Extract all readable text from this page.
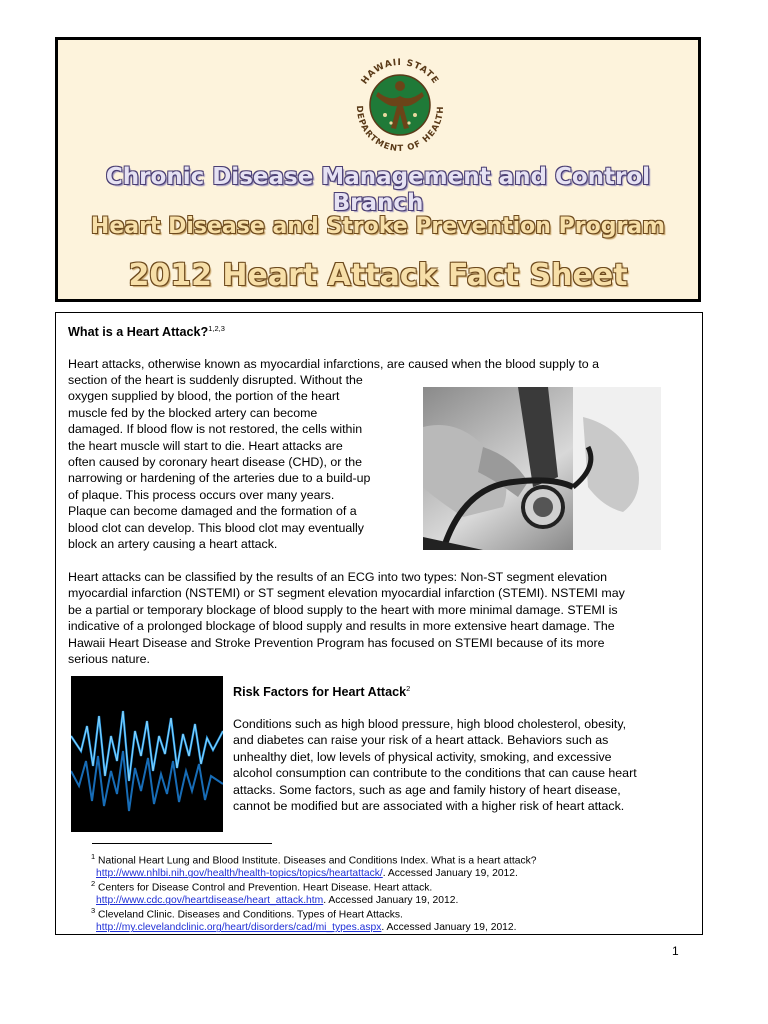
HAWAII STATE
DEPARTMENT OF HEALTH
Chronic Disease Management and Control Branch
Heart Disease and Stroke Prevention Program
2012 Heart Attack Fact Sheet

What is a Heart Attack?$^{1,2,3}$

Heart attacks, otherwise known as myocardial infarctions, are caused when the blood supply to a

section of the heart is suddenly disrupted. Without the
oxygen supplied by blood, the portion of the heart
muscle fed by the blocked artery can become
damaged. If blood flow is not restored, the cells within
the heart muscle will start to die. Heart attacks are
often caused by coronary heart disease (CHD), or the
narrowing or hardening of the arteries due to a build-up
of plaque. This process occurs over many years.
Plaque can become damaged and the formation of a
blood clot can develop. This blood clot may eventually
block an artery causing a heart attack.
Heart attacks can be classified by the results of an ECG into two types: Non-ST segment elevation
myocardial infarction (NSTEMI) or ST segment elevation myocardial infarction (STEMI). NSTEMI may
be a partial or temporary blockage of blood supply to the heart with more minimal damage. STEMI is
indicative of a prolonged blockage of blood supply and results in more extensive heart damage. The
Hawaii Heart Disease and Stroke Prevention Program has focused on STEMI because of its more
serious nature.

Risk Factors for Heart Attack$^2$

Conditions such as high blood pressure, high blood cholesterol, obesity,
and diabetes can raise your risk of a heart attack. Behaviors such as
unhealthy diet, low levels of physical activity, smoking, and excessive
alcohol consumption can contribute to the conditions that can cause heart
attacks. Some factors, such as age and family history of heart disease,
cannot be modified but are associated with a higher risk of heart attack.
$^1$ National Heart Lung and Blood Institute. Diseases and Conditions Index. What is a heart attack?
http://www.nhlbi.nih.gov/health/health-topics/topics/heartattack/. Accessed January 19, 2012.
$^2$ Centers for Disease Control and Prevention. Heart Disease. Heart attack.
http://www.cdc.gov/heartdisease/heart_attack.htm. Accessed January 19, 2012.
$^3$ Cleveland Clinic. Diseases and Conditions. Types of Heart Attacks.
http://my.clevelandclinic.org/heart/disorders/cad/mi_types.aspx. Accessed January 19, 2012.
1
